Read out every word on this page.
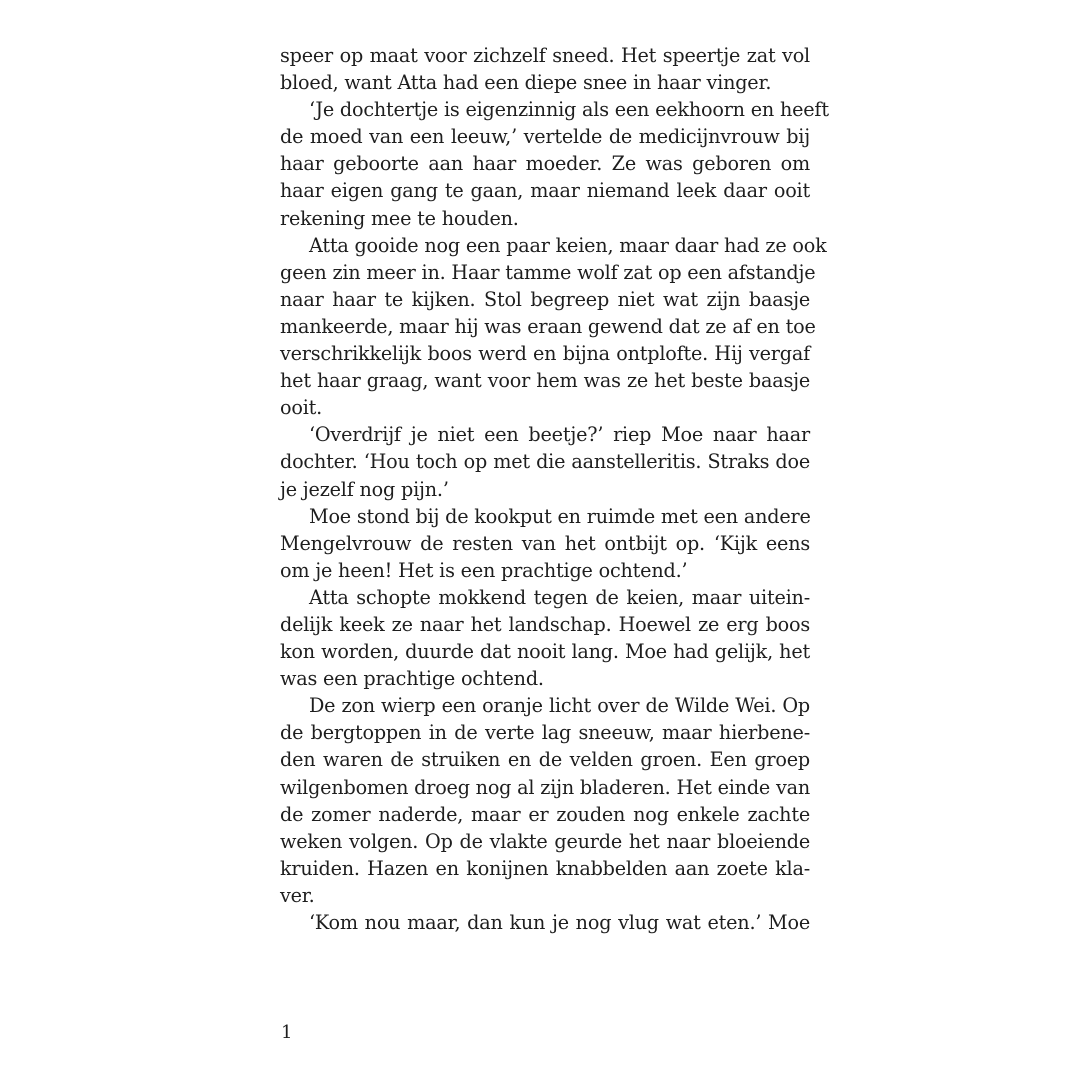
speer op maat voor zichzelf sneed. Het speertje zat vol
bloed, want Atta had een diepe snee in haar vinger.
‘Je dochtertje is eigenzinnig als een eekhoorn en heeft
de moed van een leeuw,’ vertelde de medicijnvrouw bij
haar geboorte aan haar moeder. Ze was geboren om
haar eigen gang te gaan, maar niemand leek daar ooit
rekening mee te houden.
Atta gooide nog een paar keien, maar daar had ze ook
geen zin meer in. Haar tamme wolf zat op een afstandje
naar haar te kijken. Stol begreep niet wat zijn baasje
mankeerde, maar hij was eraan gewend dat ze af en toe
verschrikkelijk boos werd en bijna ontplofte. Hij vergaf
het haar graag, want voor hem was ze het beste baasje
ooit.
‘Overdrijf je niet een beetje?’ riep Moe naar haar
dochter. ‘Hou toch op met die aanstelleritis. Straks doe
je jezelf nog pijn.’
Moe stond bij de kookput en ruimde met een andere
Mengelvrouw de resten van het ontbijt op. ‘Kijk eens
om je heen! Het is een prachtige ochtend.’
Atta schopte mokkend tegen de keien, maar uitein-
delijk keek ze naar het landschap. Hoewel ze erg boos
kon worden, duurde dat nooit lang. Moe had gelijk, het
was een prachtige ochtend.
De zon wierp een oranje licht over de Wilde Wei. Op
de bergtoppen in de verte lag sneeuw, maar hierbene-
den waren de struiken en de velden groen. Een groep
wilgenbomen droeg nog al zijn bladeren. Het einde van
de zomer naderde, maar er zouden nog enkele zachte
weken volgen. Op de vlakte geurde het naar bloeiende
kruiden. Hazen en konijnen knabbelden aan zoete kla-
ver.
‘Kom nou maar, dan kun je nog vlug wat eten.’ Moe
1
